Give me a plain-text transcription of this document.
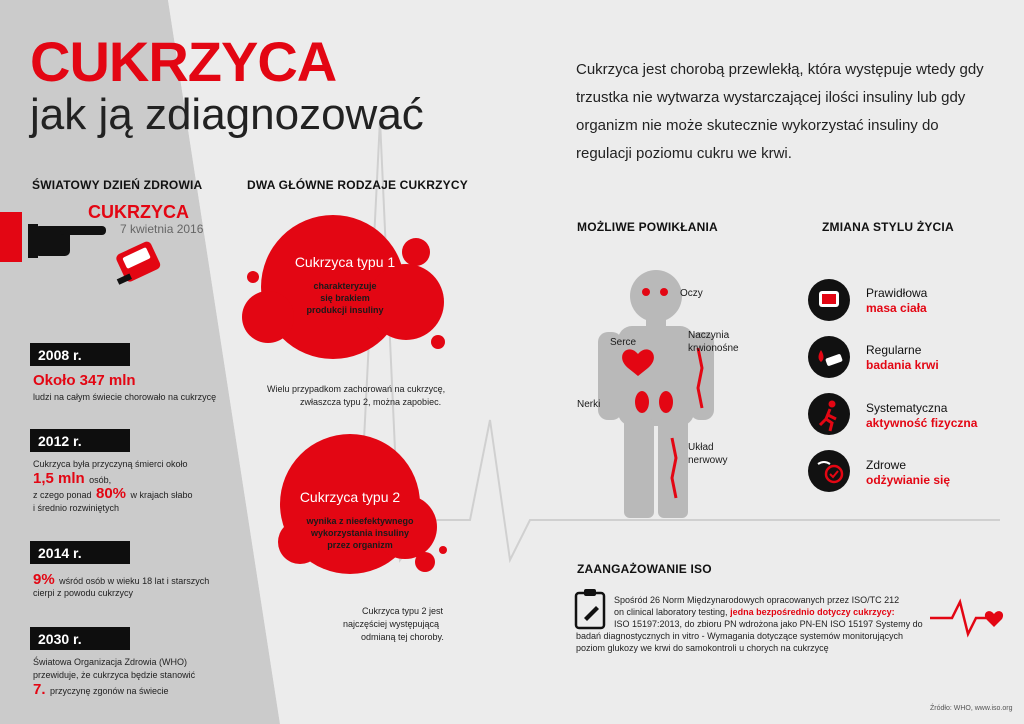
CUKRZYCA
jak ją zdiagnozować
Cukrzyca jest chorobą przewlekłą, która występuje wtedy gdy trzustka nie wytwarza wystarczającej ilości insuliny lub gdy organizm nie może skutecznie wykorzystać insuliny do regulacji poziomu cukru we krwi.
ŚWIATOWY DZIEŃ ZDROWIA
CUKRZYCA
7 kwietnia 2016
2008 r.
Około 347 mln
ludzi na całym świecie chorowało na cukrzycę
2012 r.
Cukrzyca była przyczyną śmierci około
1,5 mln osób,
z czego ponad 80% w krajach słabo
i średnio rozwiniętych
2014 r.
9% wśród osób w wieku 18 lat i starszych
cierpi z powodu cukrzycy
2030 r.
Światowa Organizacja Zdrowia (WHO)
przewiduje, że cukrzyca będzie stanowić
7. przyczynę zgonów na świecie
DWA GŁÓWNE RODZAJE CUKRZYCY
Cukrzyca typu 1
charakteryzuje
się brakiem
produkcji insuliny
Wielu przypadkom zachorowań na cukrzycę,
zwłaszcza typu 2, można zapobiec.
Cukrzyca typu 2
wynika z nieefektywnego
wykorzystania insuliny
przez organizm
Cukrzyca typu 2 jest
najczęściej występującą
odmianą tej choroby.
MOŻLIWE POWIKŁANIA
Oczy
Naczynia
krwionośne
Serce
Nerki
Układ
nerwowy
ZMIANA STYLU ŻYCIA
Prawidłowa
masa ciała
Regularne
badania krwi
Systematyczna
aktywność fizyczna
Zdrowe
odżywianie się
ZAANGAŻOWANIE ISO
Spośród 26 Norm Międzynarodowych opracowanych przez ISO/TC 212
on clinical laboratory testing, jedna bezpośrednio dotyczy cukrzycy:
ISO 15197:2013, do zbioru PN wdrożona jako PN-EN ISO 15197 Systemy do
badań diagnostycznych in vitro - Wymagania dotyczące systemów monitorujących
poziom glukozy we krwi do samokontroli u chorych na cukrzycę
Źródło: WHO, www.iso.org
